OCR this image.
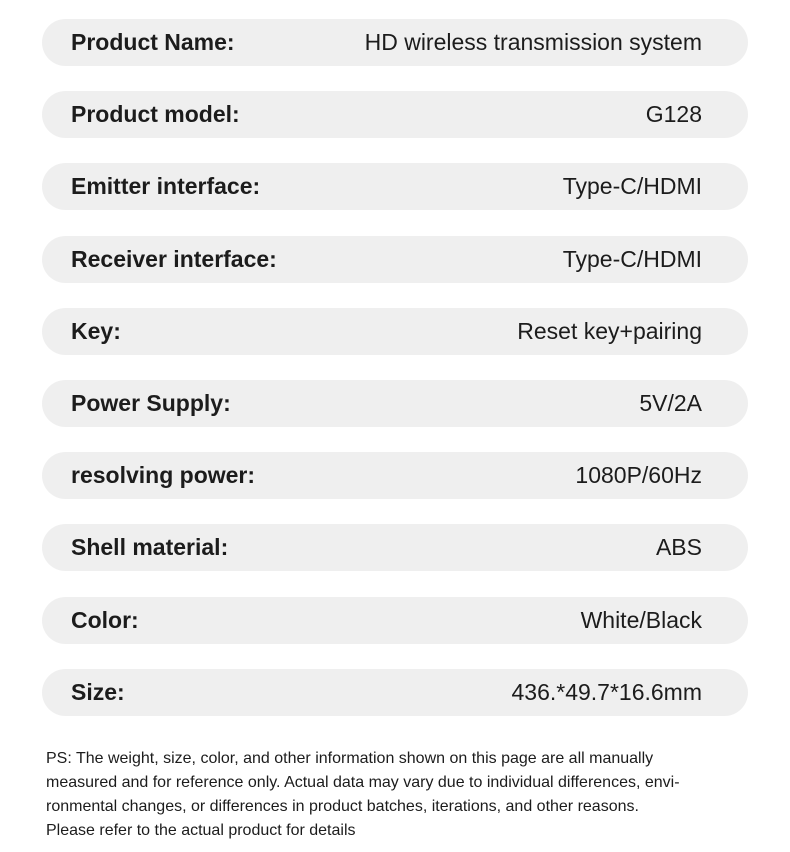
Product Name:	HD wireless transmission system
Product model:	G128
Emitter interface:	Type-C/HDMI
Receiver interface:	Type-C/HDMI
Key:	Reset key+pairing
Power Supply:	5V/2A
resolving power:	1080P/60Hz
Shell material:	ABS
Color:	White/Black
Size:	436.*49.7*16.6mm

PS: The weight, size, color, and other information shown on this page are all manually
measured and for reference only. Actual data may vary due to individual differences, envi-
ronmental changes, or differences in product batches, iterations, and other reasons.
Please refer to the actual product for details
